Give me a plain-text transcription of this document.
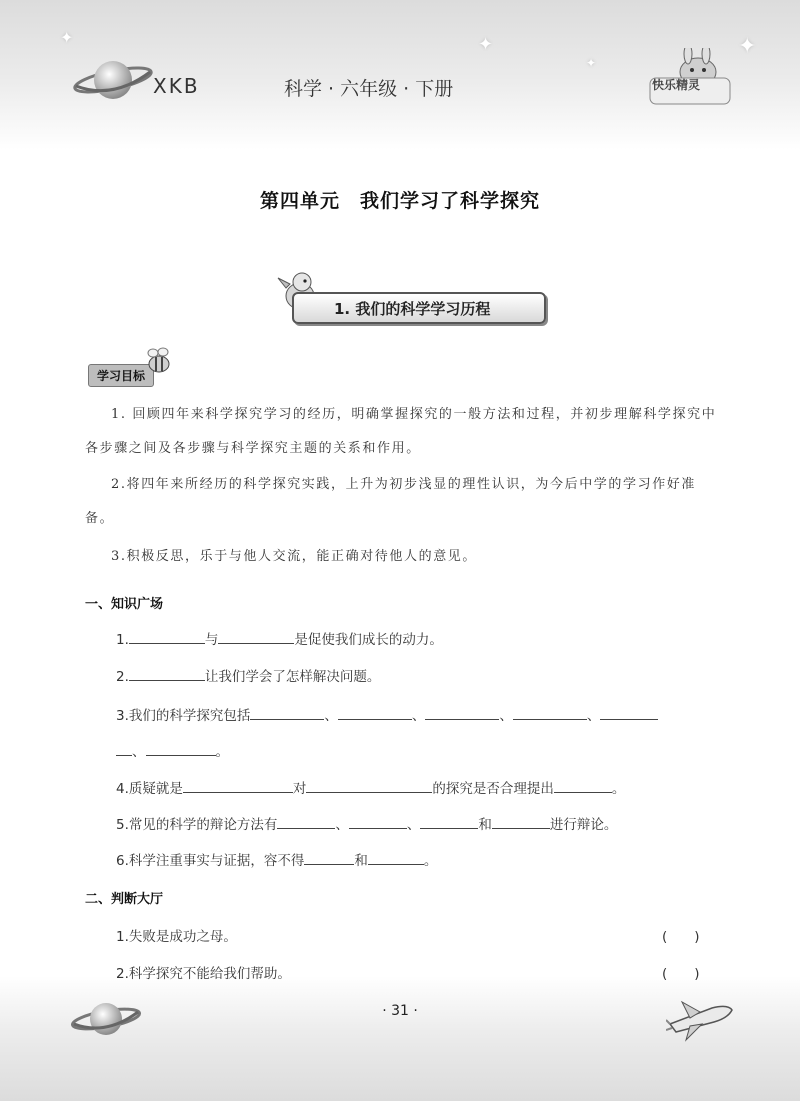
✦	✦	✦
✦
XKB	科学 · 六年级 · 下册	快乐精灵
第四单元　我们学习了科学探究
1. 我们的科学学习历程
学习目标
1. 回顾四年来科学探究学习的经历，明确掌握探究的一般方法和过程，并初步理解科学探究中各步骤之间及各步骤与科学探究主题的关系和作用。
2.将四年来所经历的科学探究实践，上升为初步浅显的理性认识，为今后中学的学习作好准备。
3.积极反思，乐于与他人交流，能正确对待他人的意见。
一、知识广场
1.	与	是促使我们成长的动力。
2.	让我们学会了怎样解决问题。
3.我们的科学探究包括	、	、	、	、
、	。
4.质疑就是	对	的探究是否合理提出	。
5.常见的科学的辩论方法有	、	、	和	进行辩论。
6.科学注重事实与证据，容不得	和	。
二、判断大厅
1.失败是成功之母。	(　　)
2.科学探究不能给我们帮助。	(　　)
· 31 ·
